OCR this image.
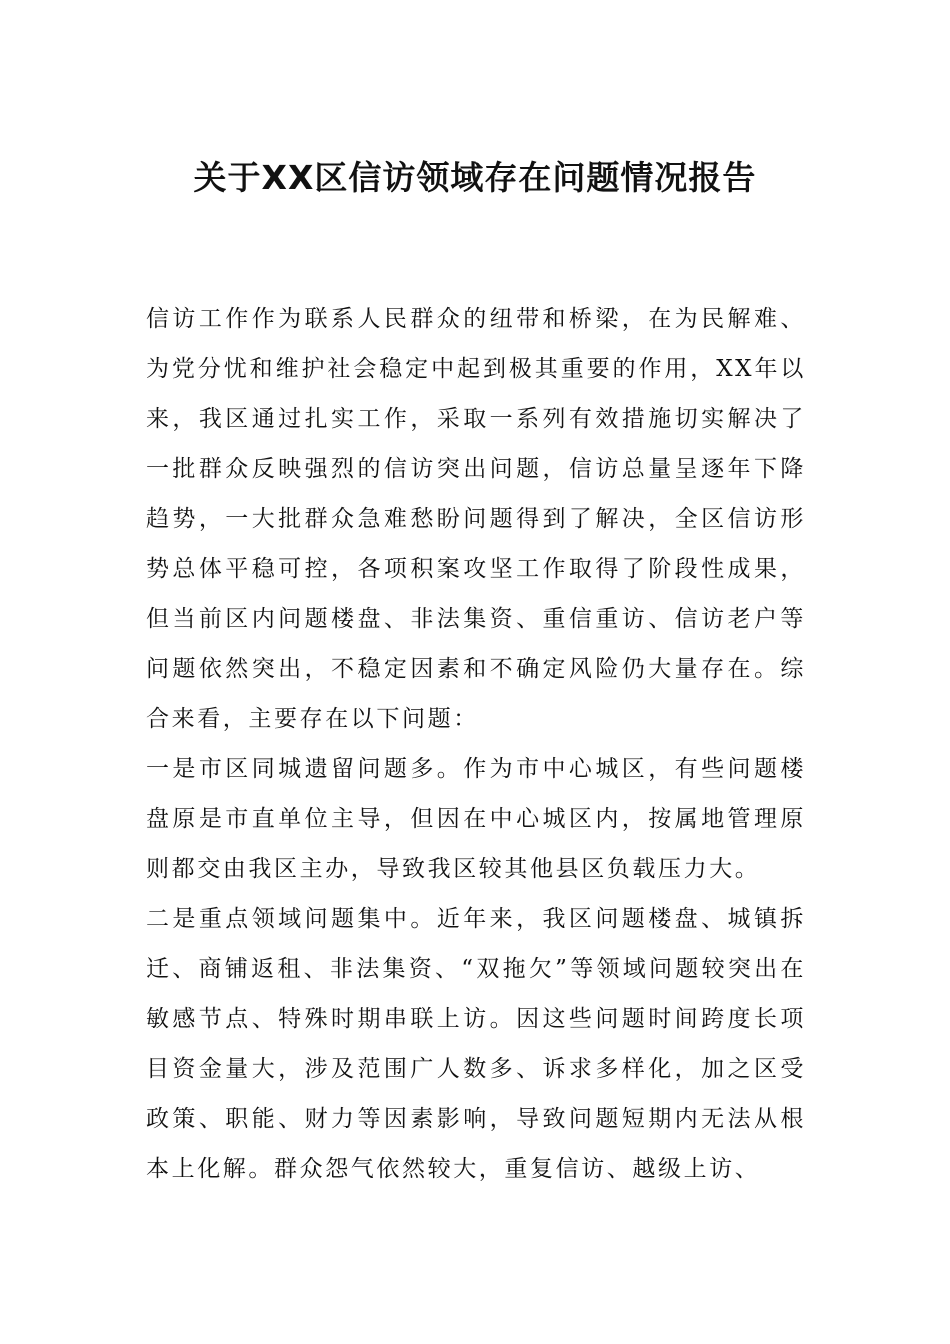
关于XX区信访领域存在问题情况报告

信访工作作为联系人民群众的纽带和桥梁，在为民解难、为党分忧和维护社会稳定中起到极其重要的作用，XX年以来，我区通过扎实工作，采取一系列有效措施切实解决了一批群众反映强烈的信访突出问题，信访总量呈逐年下降趋势，一大批群众急难愁盼问题得到了解决，全区信访形势总体平稳可控，各项积案攻坚工作取得了阶段性成果，但当前区内问题楼盘、非法集资、重信重访、信访老户等问题依然突出，不稳定因素和不确定风险仍大量存在。综合来看，主要存在以下问题：

一是市区同城遗留问题多。作为市中心城区，有些问题楼盘原是市直单位主导，但因在中心城区内，按属地管理原则都交由我区主办，导致我区较其他县区负载压力大。

二是重点领域问题集中。近年来，我区问题楼盘、城镇拆迁、商铺返租、非法集资、“双拖欠”等领域问题较突出在敏感节点、特殊时期串联上访。因这些问题时间跨度长项目资金量大，涉及范围广人数多、诉求多样化，加之区受政策、职能、财力等因素影响，导致问题短期内无法从根本上化解。群众怨气依然较大，重复信访、越级上访、
